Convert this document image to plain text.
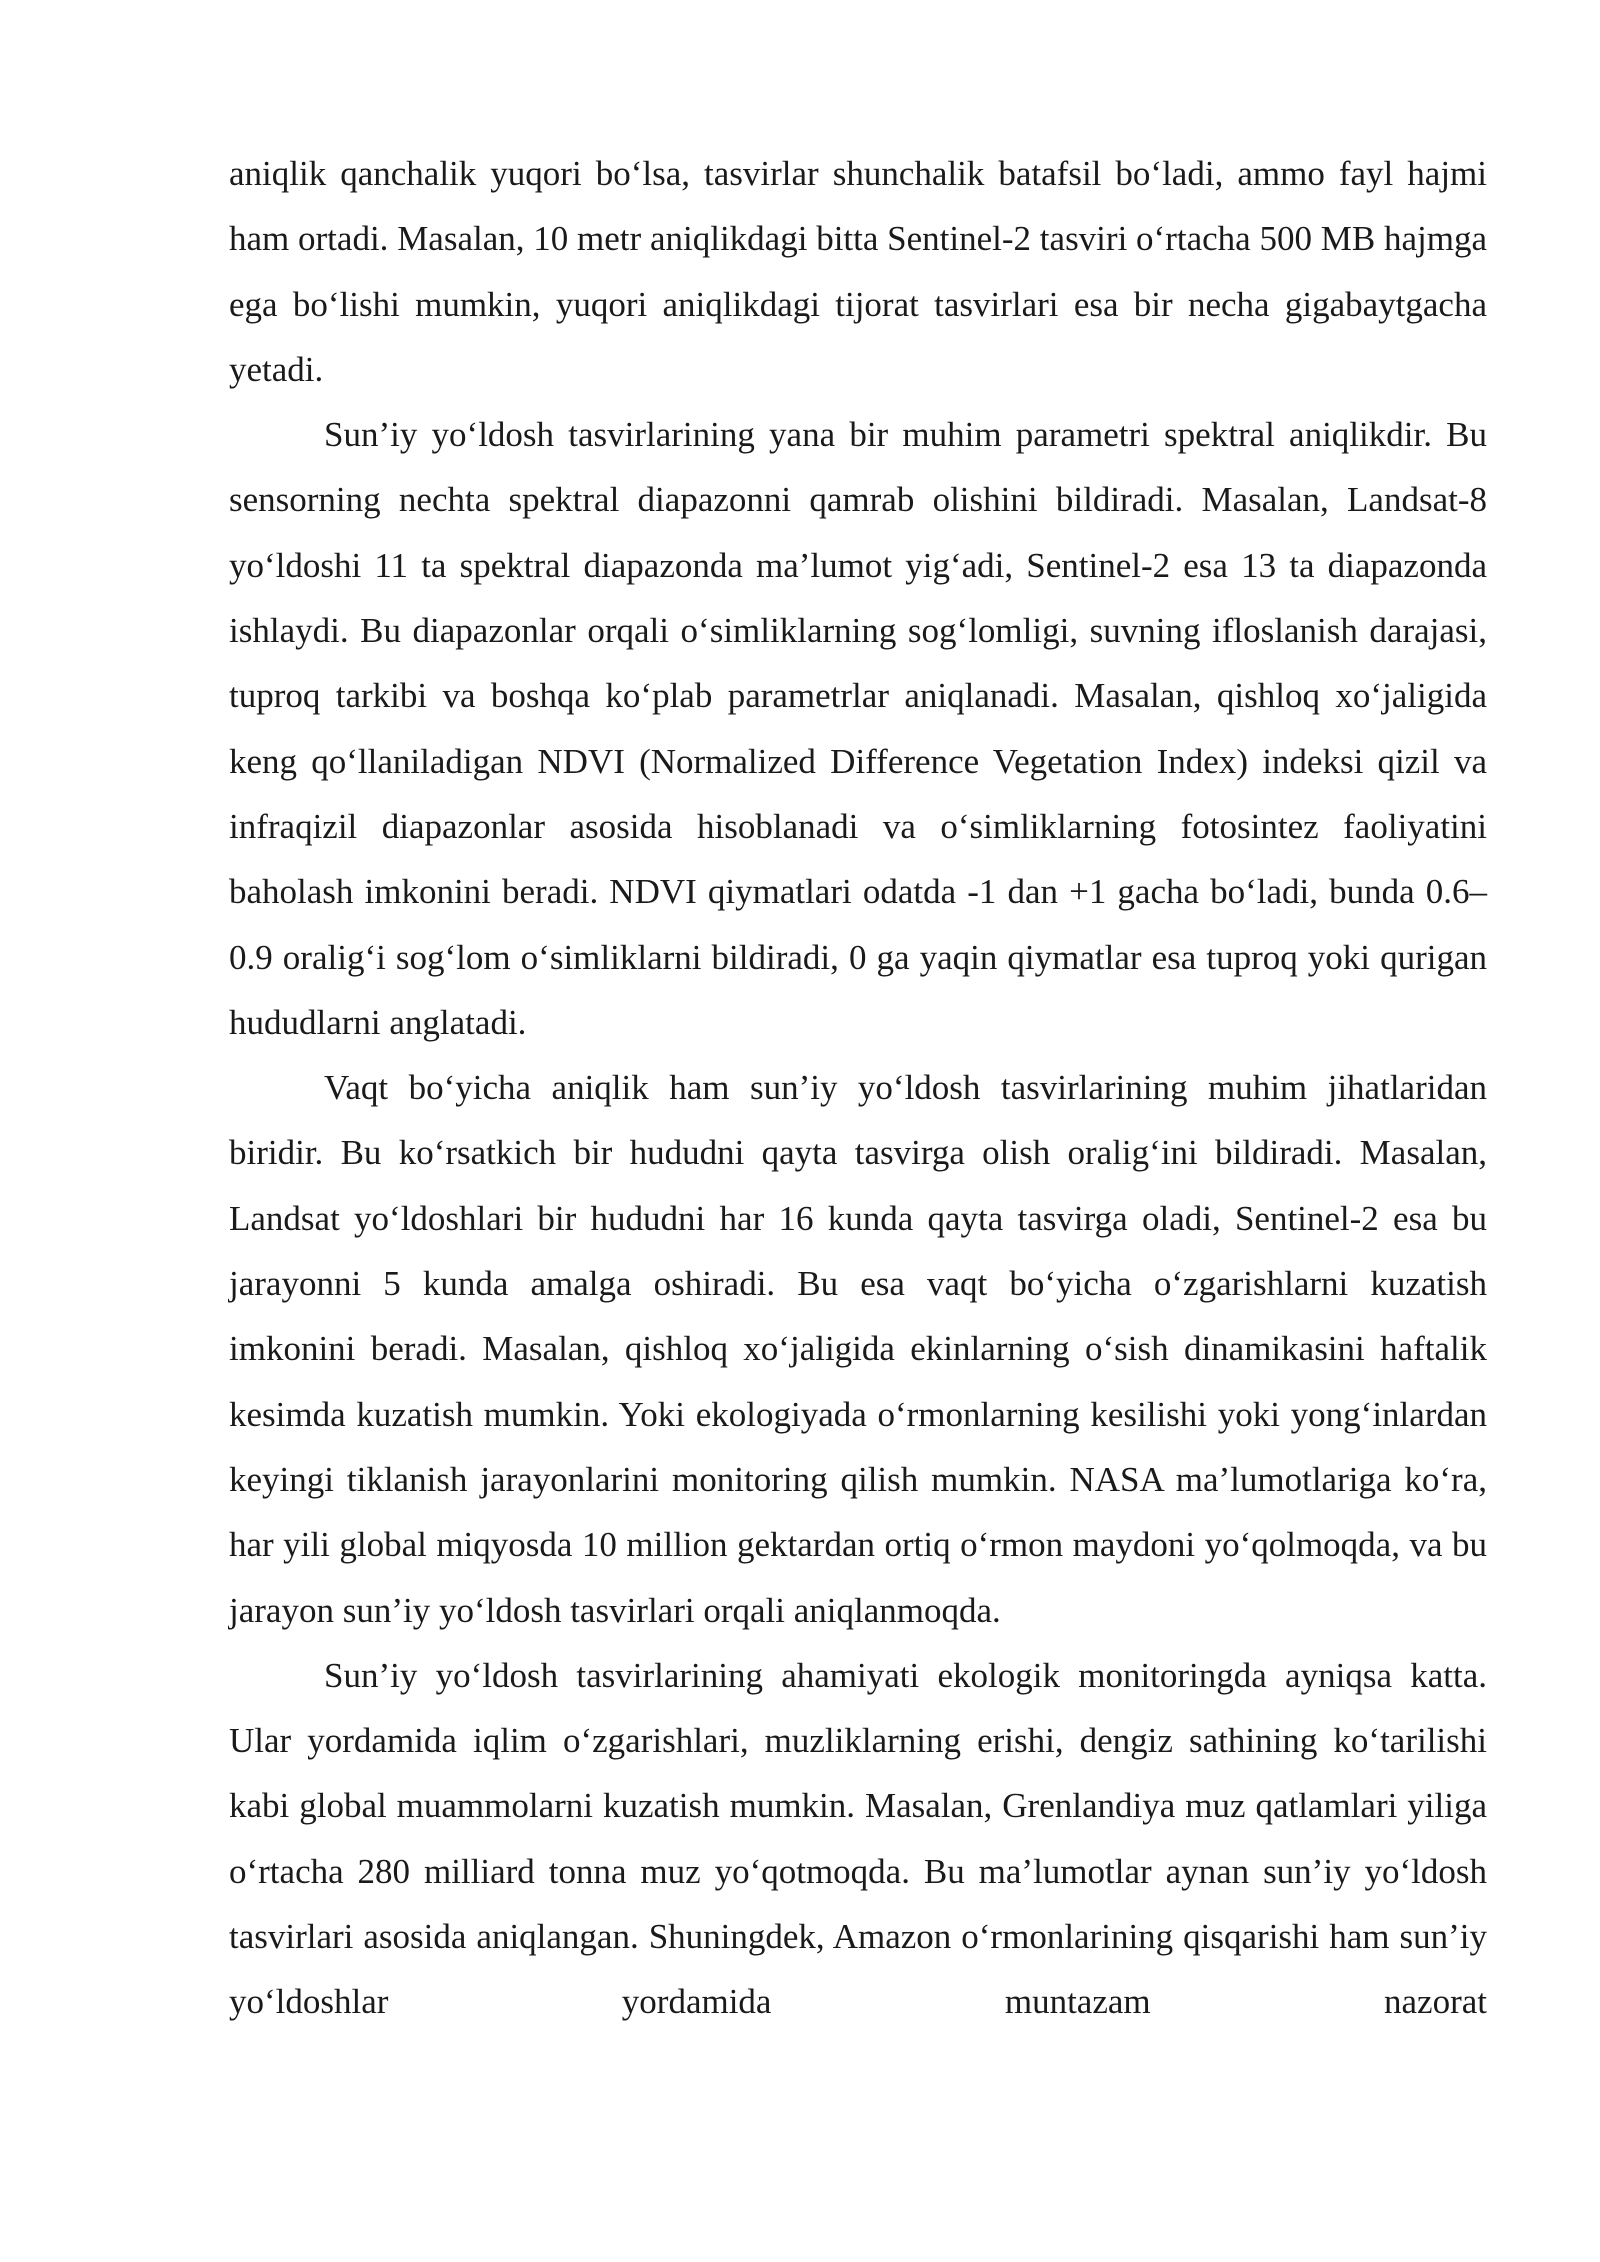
aniqlik qanchalik yuqori bo‘lsa, tasvirlar shunchalik batafsil bo‘ladi, ammo fayl hajmi ham ortadi. Masalan, 10 metr aniqlikdagi bitta Sentinel-2 tasviri o‘rtacha 500 MB hajmga ega bo‘lishi mumkin, yuqori aniqlikdagi tijorat tasvirlari esa bir necha gigabaytgacha yetadi.

Sun’iy yo‘ldosh tasvirlarining yana bir muhim parametri spektral aniqlikdir. Bu sensorning nechta spektral diapazonni qamrab olishini bildiradi. Masalan, Landsat-8 yo‘ldoshi 11 ta spektral diapazonda ma’lumot yig‘adi, Sentinel-2 esa 13 ta diapazonda ishlaydi. Bu diapazonlar orqali o‘simliklarning sog‘lomligi, suvning ifloslanish darajasi, tuproq tarkibi va boshqa ko‘plab parametrlar aniqlanadi. Masalan, qishloq xo‘jaligida keng qo‘llaniladigan NDVI (Normalized Difference Vegetation Index) indeksi qizil va infraqizil diapazonlar asosida hisoblanadi va o‘simliklarning fotosintez faoliyatini baholash imkonini beradi. NDVI qiymatlari odatda -1 dan +1 gacha bo‘ladi, bunda 0.6–0.9 oralig‘i sog‘lom o‘simliklarni bildiradi, 0 ga yaqin qiymatlar esa tuproq yoki qurigan hududlarni anglatadi.

Vaqt bo‘yicha aniqlik ham sun’iy yo‘ldosh tasvirlarining muhim jihatlaridan biridir. Bu ko‘rsatkich bir hududni qayta tasvirga olish oralig‘ini bildiradi. Masalan, Landsat yo‘ldoshlari bir hududni har 16 kunda qayta tasvirga oladi, Sentinel-2 esa bu jarayonni 5 kunda amalga oshiradi. Bu esa vaqt bo‘yicha o‘zgarishlarni kuzatish imkonini beradi. Masalan, qishloq xo‘jaligida ekinlarning o‘sish dinamikasini haftalik kesimda kuzatish mumkin. Yoki ekologiyada o‘rmonlarning kesilishi yoki yong‘inlardan keyingi tiklanish jarayonlarini monitoring qilish mumkin. NASA ma’lumotlariga ko‘ra, har yili global miqyosda 10 million gektardan ortiq o‘rmon maydoni yo‘qolmoqda, va bu jarayon sun’iy yo‘ldosh tasvirlari orqali aniqlanmoqda.

Sun’iy yo‘ldosh tasvirlarining ahamiyati ekologik monitoringda ayniqsa katta. Ular yordamida iqlim o‘zgarishlari, muzliklarning erishi, dengiz sathining ko‘tarilishi kabi global muammolarni kuzatish mumkin. Masalan, Grenlandiya muz qatlamlari yiliga o‘rtacha 280 milliard tonna muz yo‘qotmoqda. Bu ma’lumotlar aynan sun’iy yo‘ldosh tasvirlari asosida aniqlangan. Shuningdek, Amazon o‘rmonlarining qisqarishi ham sun’iy yo‘ldoshlar yordamida muntazam nazorat
